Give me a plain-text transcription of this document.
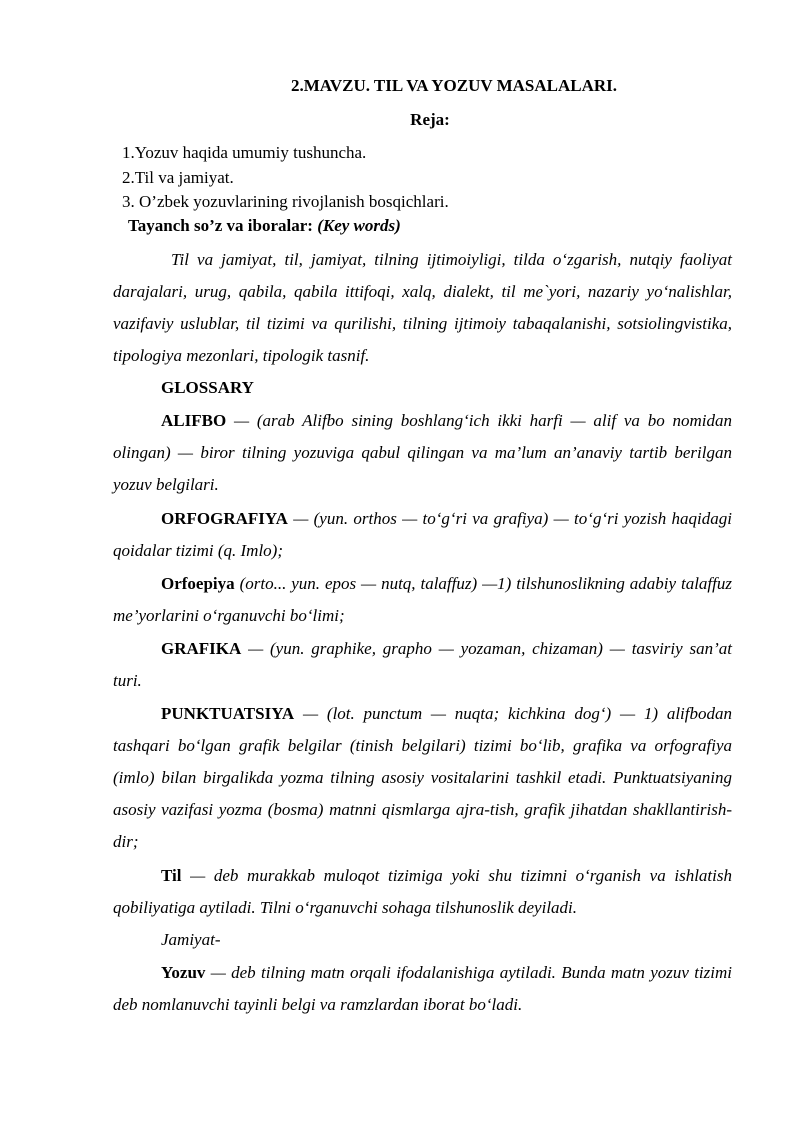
2.MAVZU. TIL VA YOZUV MASALALARI.
Reja:
1.Yozuv haqida umumiy tushuncha.
2.Til va jamiyat.
3. O’zbek yozuvlarining rivojlanish bosqichlari.
Tayanch so’z va iboralar: (Key words)

Til va jamiyat, til, jamiyat, tilning ijtimoiyligi, tilda o‘zgarish, nutqiy faoliyat darajalari, urug, qabila, qabila ittifoqi, xalq, dialekt, til me`yori, nazariy yo‘nalishlar, vazifaviy uslublar, til tizimi va qurilishi, tilning ijtimoiy tabaqalanishi, sotsiolingvistika, tipologiya mezonlari, tipologik tasnif.

GLOSSARY

ALIFBO — (arab Alifbo sining boshlang‘ich ikki harfi — alif va bo nomidan olingan) — biror tilning yozuviga qabul qilingan va ma’lum an’anaviy tartib berilgan yozuv belgilari.

ORFOGRAFIYA — (yun. orthos — to‘g‘ri va grafiya) — to‘g‘ri yozish haqidagi qoidalar tizimi (q. Imlo);

Orfoepiya (orto... yun. epos — nutq, talaffuz) —1) tilshunoslikning adabiy talaffuz me’yorlarini o‘rganuvchi bo‘limi;

GRAFIKA — (yun. graphike, grapho — yozaman, chizaman) — tasviriy san’at turi.

PUNKTUATSIYA — (lot. punctum — nuqta; kichkina dog‘) — 1) alifbodan tashqari bo‘lgan grafik belgilar (tinish belgilari) tizimi bo‘lib, grafika va orfografiya (imlo) bilan birgalikda yozma tilning asosiy vositalarini tashkil etadi. Punktuatsiyaning asosiy vazifasi yozma (bosma) matnni qismlarga ajra-tish, grafik jihatdan shakllantirish-dir;

Til — deb murakkab muloqot tizimiga yoki shu tizimni o‘rganish va ishlatish qobiliyatiga aytiladi. Tilni o‘rganuvchi sohaga tilshunoslik deyiladi.

Jamiyat-

Yozuv — deb tilning matn orqali ifodalanishiga aytiladi. Bunda matn yozuv tizimi deb nomlanuvchi tayinli belgi va ramzlardan iborat bo‘ladi.
